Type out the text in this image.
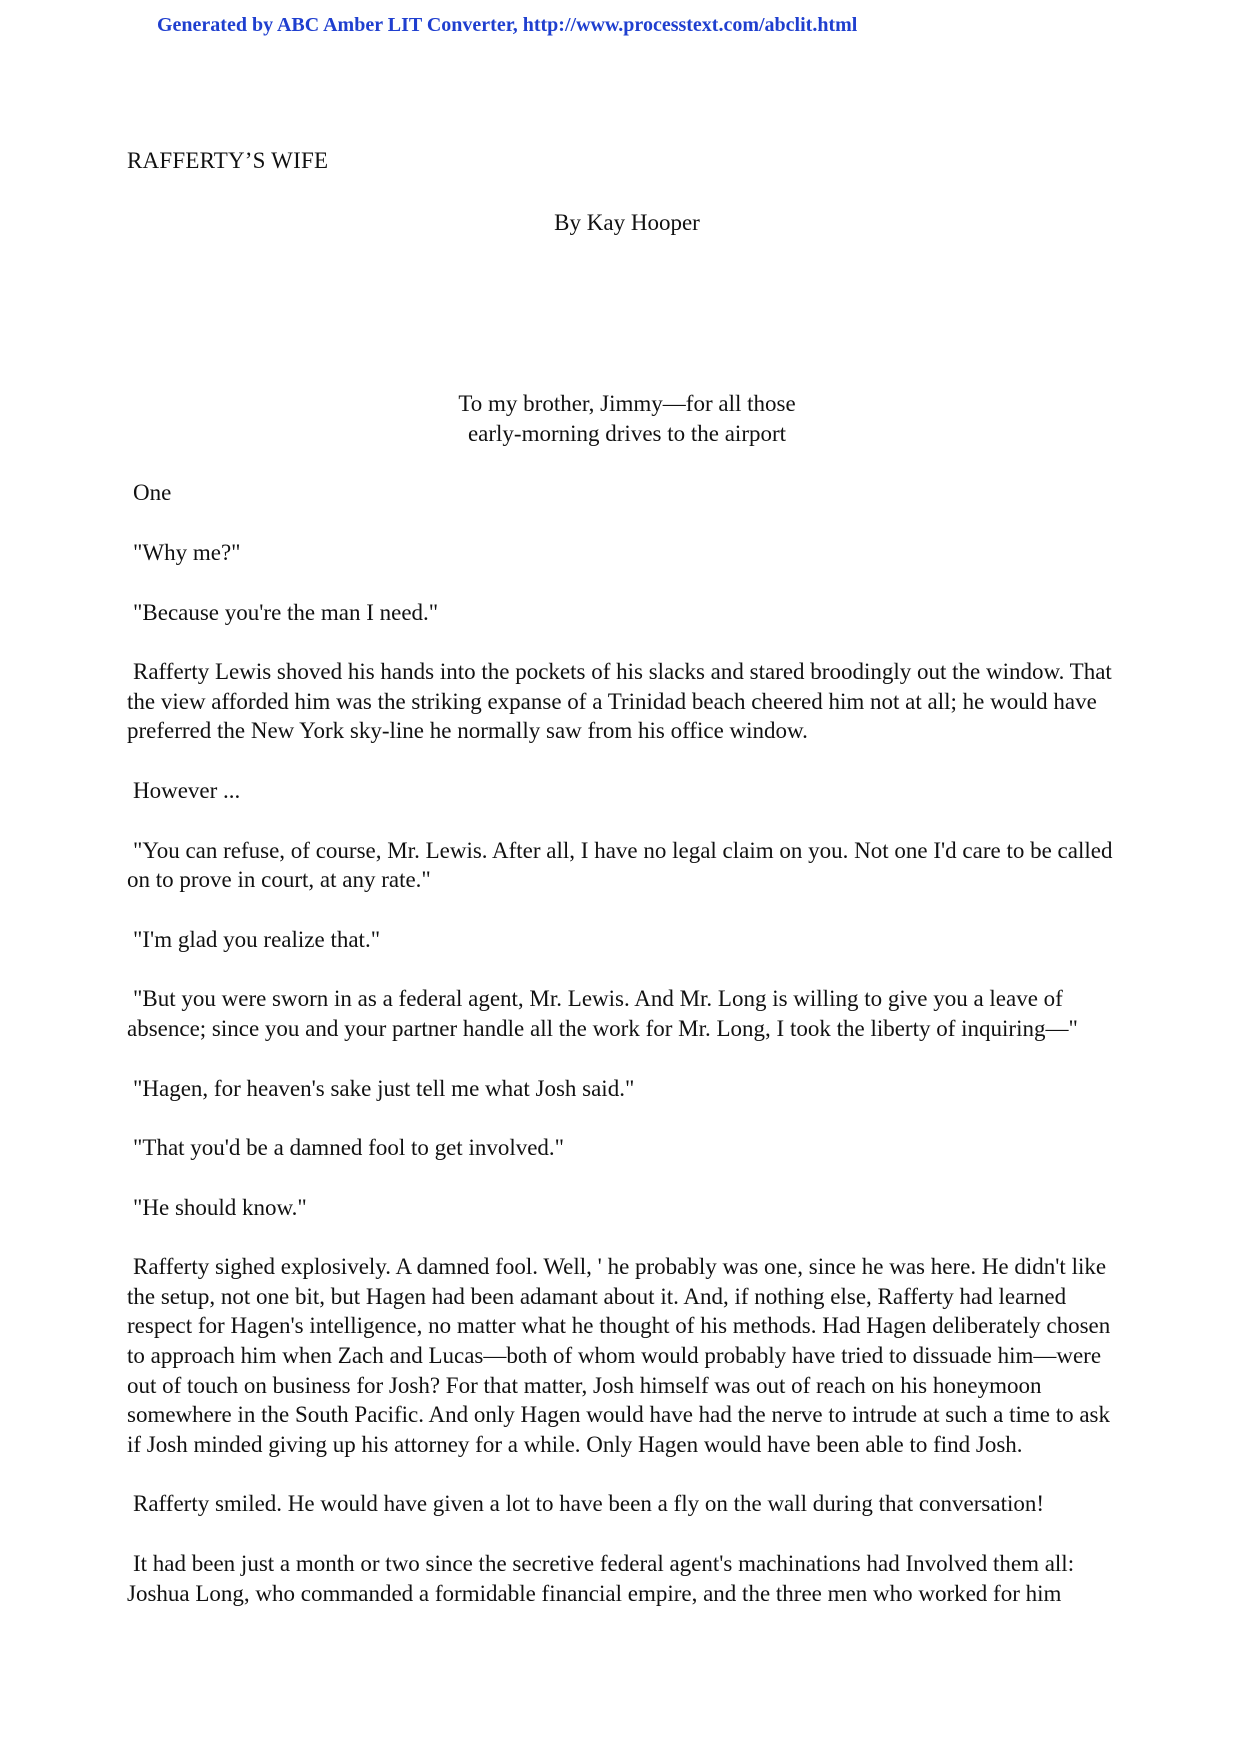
Generated by ABC Amber LIT Converter, http://www.processtext.com/abclit.html
RAFFERTY’S WIFE
By Kay Hooper
To my brother, Jimmy—for all those
early-morning drives to the airport
One

"Why me?"

"Because you're the man I need."

Rafferty Lewis shoved his hands into the pockets of his slacks and stared broodingly out the window. That the view afforded him was the striking expanse of a Trinidad beach cheered him not at all; he would have preferred the New York sky-line he normally saw from his office window.

However ...

"You can refuse, of course, Mr. Lewis. After all, I have no legal claim on you. Not one I'd care to be called on to prove in court, at any rate."

"I'm glad you realize that."

"But you were sworn in as a federal agent, Mr. Lewis. And Mr. Long is willing to give you a leave of absence; since you and your partner handle all the work for Mr. Long, I took the liberty of inquiring—"

"Hagen, for heaven's sake just tell me what Josh said."

"That you'd be a damned fool to get involved."

"He should know."

Rafferty sighed explosively. A damned fool. Well, ' he probably was one, since he was here. He didn't like the setup, not one bit, but Hagen had been adamant about it. And, if nothing else, Rafferty had learned respect for Hagen's intelligence, no matter what he thought of his methods. Had Hagen deliberately chosen to approach him when Zach and Lucas—both of whom would probably have tried to dissuade him—were out of touch on business for Josh? For that matter, Josh himself was out of reach on his honeymoon somewhere in the South Pacific. And only Hagen would have had the nerve to intrude at such a time to ask if Josh minded giving up his attorney for a while. Only Hagen would have been able to find Josh.

Rafferty smiled. He would have given a lot to have been a fly on the wall during that conversation!

It had been just a month or two since the secretive federal agent's machinations had Involved them all: Joshua Long, who commanded a formidable financial empire, and the three men who worked for him
